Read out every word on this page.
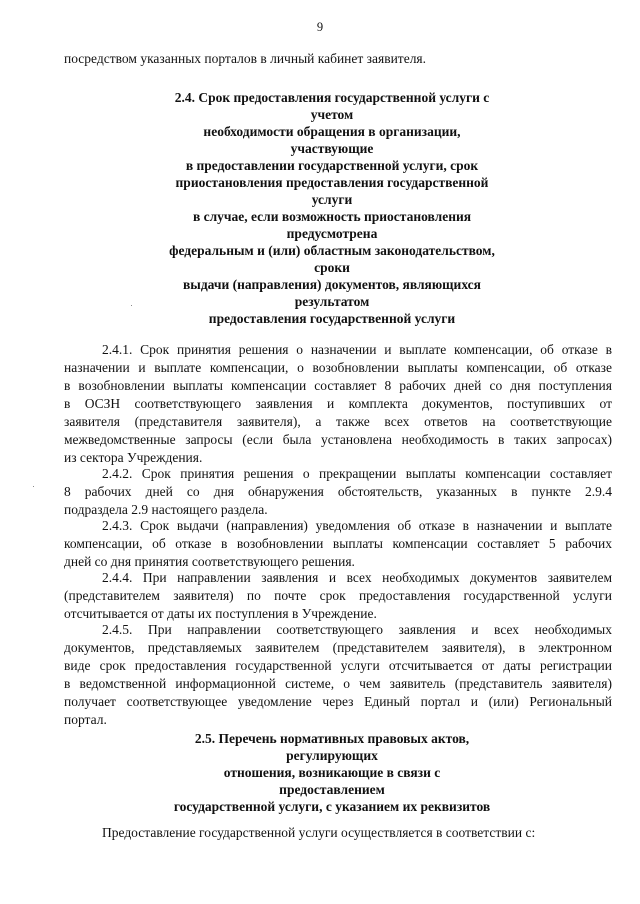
9
посредством указанных порталов в личный кабинет заявителя.
2.4. Срок предоставления государственной услуги с
учетом
необходимости обращения в организации,
участвующие
в предоставлении государственной услуги, срок
приостановления предоставления государственной
услуги
в случае, если возможность приостановления
предусмотрена
федеральным и (или) областным законодательством,
сроки
выдачи (направления) документов, являющихся
результатом
предоставления государственной услуги
2.4.1. Срок принятия решения о назначении и выплате компенсации, об отказе в
назначении и выплате компенсации, о возобновлении выплаты компенсации, об отказе
в возобновлении выплаты компенсации составляет 8 рабочих дней со дня поступления
в ОСЗН соответствующего заявления и комплекта документов, поступивших от
заявителя (представителя заявителя), а также всех ответов на соответствующие
межведомственные запросы (если была установлена необходимость в таких запросах)
из сектора Учреждения.
2.4.2. Срок принятия решения о прекращении выплаты компенсации составляет
8 рабочих дней со дня обнаружения обстоятельств, указанных в пункте 2.9.4
подраздела 2.9 настоящего раздела.
2.4.3. Срок выдачи (направления) уведомления об отказе в назначении и выплате
компенсации, об отказе в возобновлении выплаты компенсации составляет 5 рабочих
дней со дня принятия соответствующего решения.
2.4.4. При направлении заявления и всех необходимых документов заявителем
(представителем заявителя) по почте срок предоставления государственной услуги
отсчитывается от даты их поступления в Учреждение.
2.4.5. При направлении соответствующего заявления и всех необходимых
документов, представляемых заявителем (представителем заявителя), в электронном
виде срок предоставления государственной услуги отсчитывается от даты регистрации
в ведомственной информационной системе, о чем заявитель (представитель заявителя)
получает соответствующее уведомление через Единый портал и (или) Региональный
портал.
2.5. Перечень нормативных правовых актов,
регулирующих
отношения, возникающие в связи с
предоставлением
государственной услуги, с указанием их реквизитов
Предоставление государственной услуги осуществляется в соответствии с:
